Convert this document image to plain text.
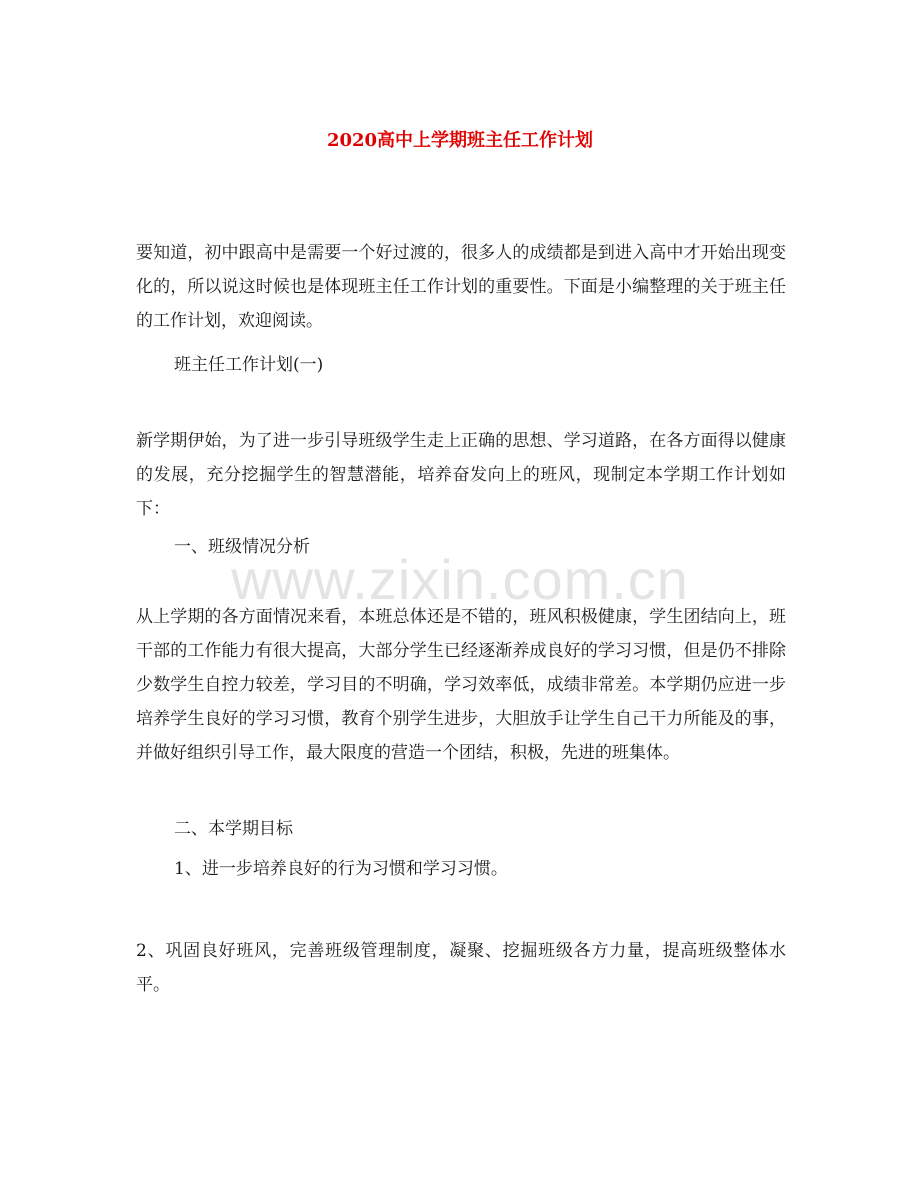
2020高中上学期班主任工作计划

要知道，初中跟高中是需要一个好过渡的，很多人的成绩都是到进入高中才开始出现变化的，所以说这时候也是体现班主任工作计划的重要性。下面是小编整理的关于班主任的工作计划，欢迎阅读。

班主任工作计划(一)

新学期伊始，为了进一步引导班级学生走上正确的思想、学习道路，在各方面得以健康的发展，充分挖掘学生的智慧潜能，培养奋发向上的班风，现制定本学期工作计划如下：

一、班级情况分析

从上学期的各方面情况来看，本班总体还是不错的，班风积极健康，学生团结向上，班干部的工作能力有很大提高，大部分学生已经逐渐养成良好的学习习惯，但是仍不排除少数学生自控力较差，学习目的不明确，学习效率低，成绩非常差。本学期仍应进一步培养学生良好的学习习惯，教育个别学生进步，大胆放手让学生自己干力所能及的事，并做好组织引导工作，最大限度的营造一个团结，积极，先进的班集体。

二、本学期目标

1、进一步培养良好的行为习惯和学习习惯。

2、巩固良好班风，完善班级管理制度，凝聚、挖掘班级各方力量，提高班级整体水平。

www.zixin.com.cn
